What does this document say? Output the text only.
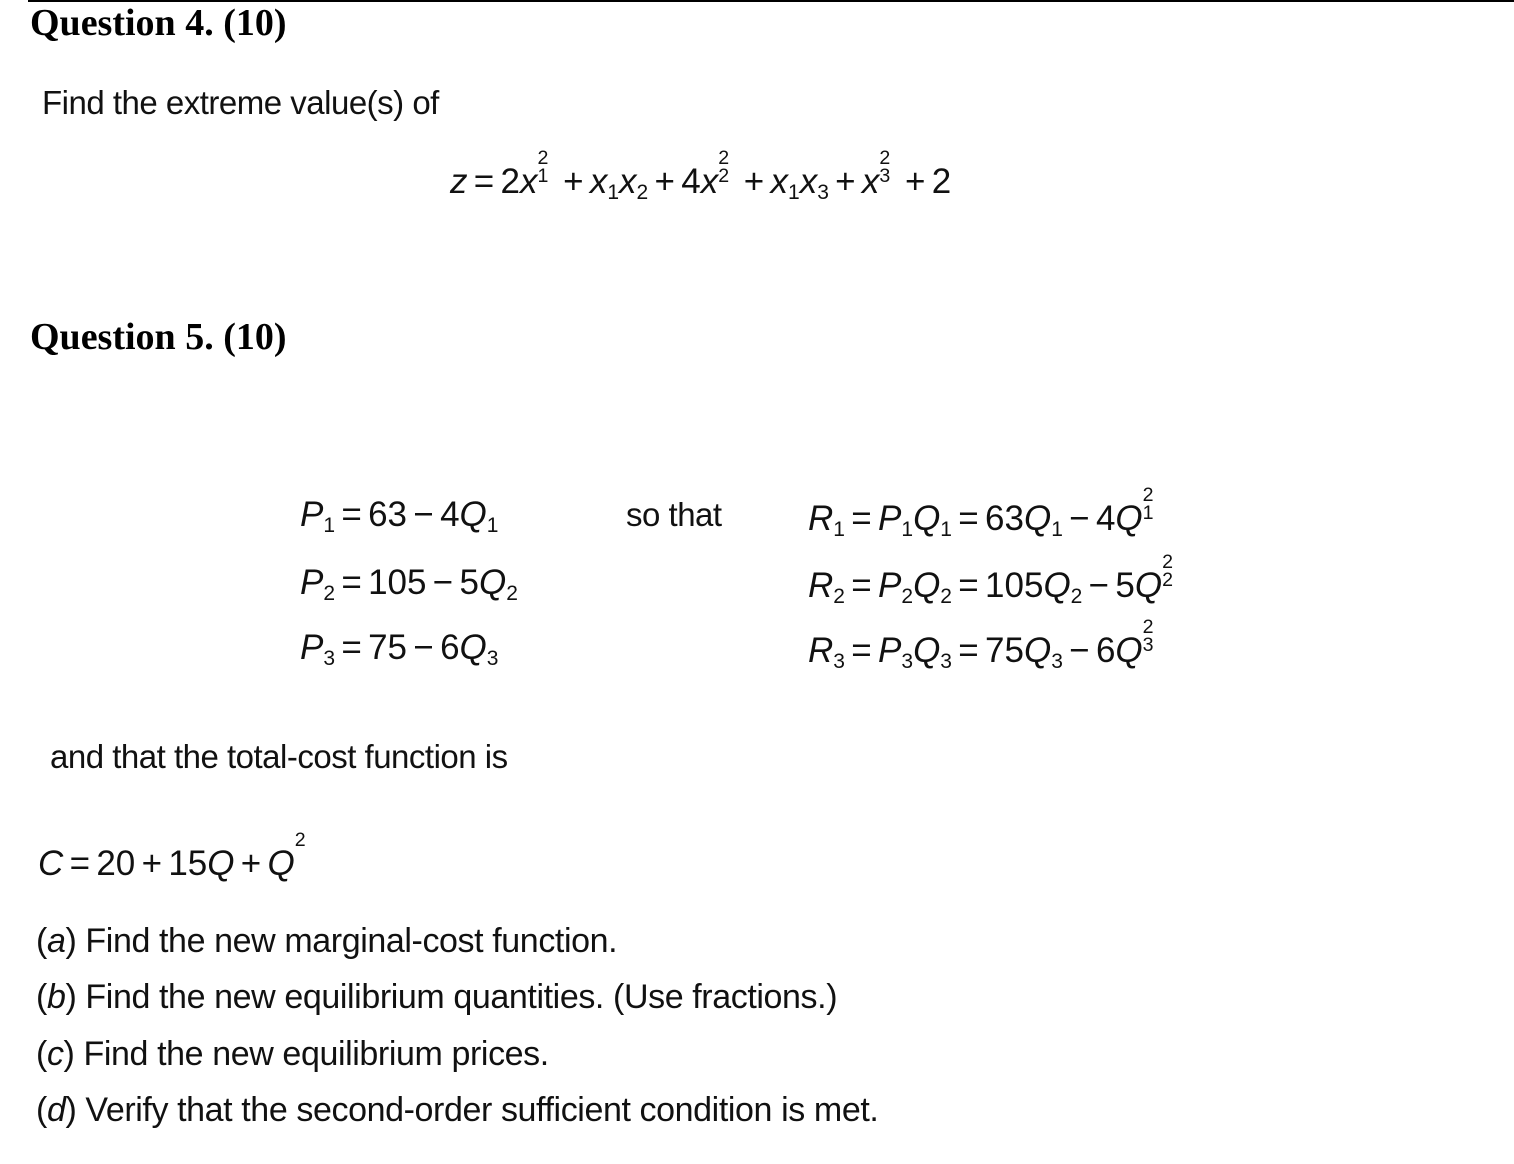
Question 4. (10)
Find the extreme value(s) of
z = 2x
2
1 + x1x2 + 4x
2
2 + x1x3 + x
2
3 + 2
Question 5. (10)
P1 = 63 − 4Q1
P2 = 105 − 5Q2
P3 = 75 − 6Q3
so that R1 = P1Q1 = 63Q1 − 4Q
2
1
R2 = P2Q2 = 105Q2 − 5Q
2
2
R3 = P3Q3 = 75Q3 − 6Q
2
3
and that the total-cost function is
C = 20 + 15Q + Q
2
(a) Find the new marginal-cost function.
(b) Find the new equilibrium quantities. (Use fractions.)
(c) Find the new equilibrium prices.
(d) Verify that the second-order sufficient condition is met.
